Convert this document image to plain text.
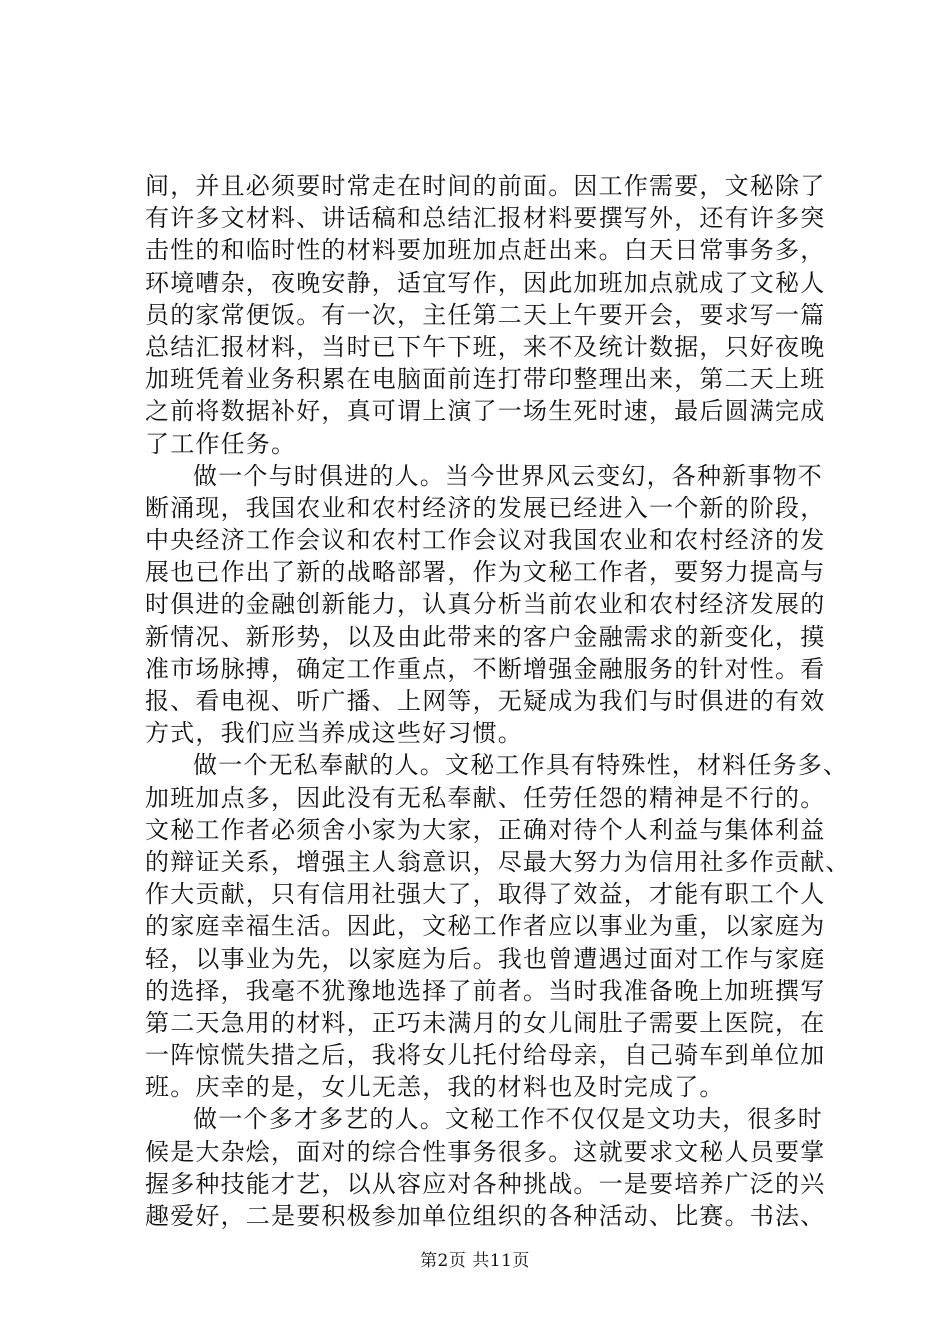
间，并且必须要时常走在时间的前面。因工作需要，文秘除了
有许多文材料、讲话稿和总结汇报材料要撰写外，还有许多突
击性的和临时性的材料要加班加点赶出来。白天日常事务多，
环境嘈杂，夜晚安静，适宜写作，因此加班加点就成了文秘人
员的家常便饭。有一次，主任第二天上午要开会，要求写一篇
总结汇报材料，当时已下午下班，来不及统计数据，只好夜晚
加班凭着业务积累在电脑面前连打带印整理出来，第二天上班
之前将数据补好，真可谓上演了一场生死时速，最后圆满完成
了工作任务。

做一个与时俱进的人。当今世界风云变幻，各种新事物不
断涌现，我国农业和农村经济的发展已经进入一个新的阶段，
中央经济工作会议和农村工作会议对我国农业和农村经济的发
展也已作出了新的战略部署，作为文秘工作者，要努力提高与
时俱进的金融创新能力，认真分析当前农业和农村经济发展的
新情况、新形势，以及由此带来的客户金融需求的新变化，摸
准市场脉搏，确定工作重点，不断增强金融服务的针对性。看
报、看电视、听广播、上网等，无疑成为我们与时俱进的有效
方式，我们应当养成这些好习惯。

做一个无私奉献的人。文秘工作具有特殊性，材料任务多、
加班加点多，因此没有无私奉献、任劳任怨的精神是不行的。
文秘工作者必须舍小家为大家，正确对待个人利益与集体利益
的辩证关系，增强主人翁意识，尽最大努力为信用社多作贡献、
作大贡献，只有信用社强大了，取得了效益，才能有职工个人
的家庭幸福生活。因此，文秘工作者应以事业为重，以家庭为
轻，以事业为先，以家庭为后。我也曾遭遇过面对工作与家庭
的选择，我毫不犹豫地选择了前者。当时我准备晚上加班撰写
第二天急用的材料，正巧未满月的女儿闹肚子需要上医院，在
一阵惊慌失措之后，我将女儿托付给母亲，自己骑车到单位加
班。庆幸的是，女儿无恙，我的材料也及时完成了。

做一个多才多艺的人。文秘工作不仅仅是文功夫，很多时
候是大杂烩，面对的综合性事务很多。这就要求文秘人员要掌
握多种技能才艺，以从容应对各种挑战。一是要培养广泛的兴
趣爱好，二是要积极参加单位组织的各种活动、比赛。书法、

第2页 共11页
